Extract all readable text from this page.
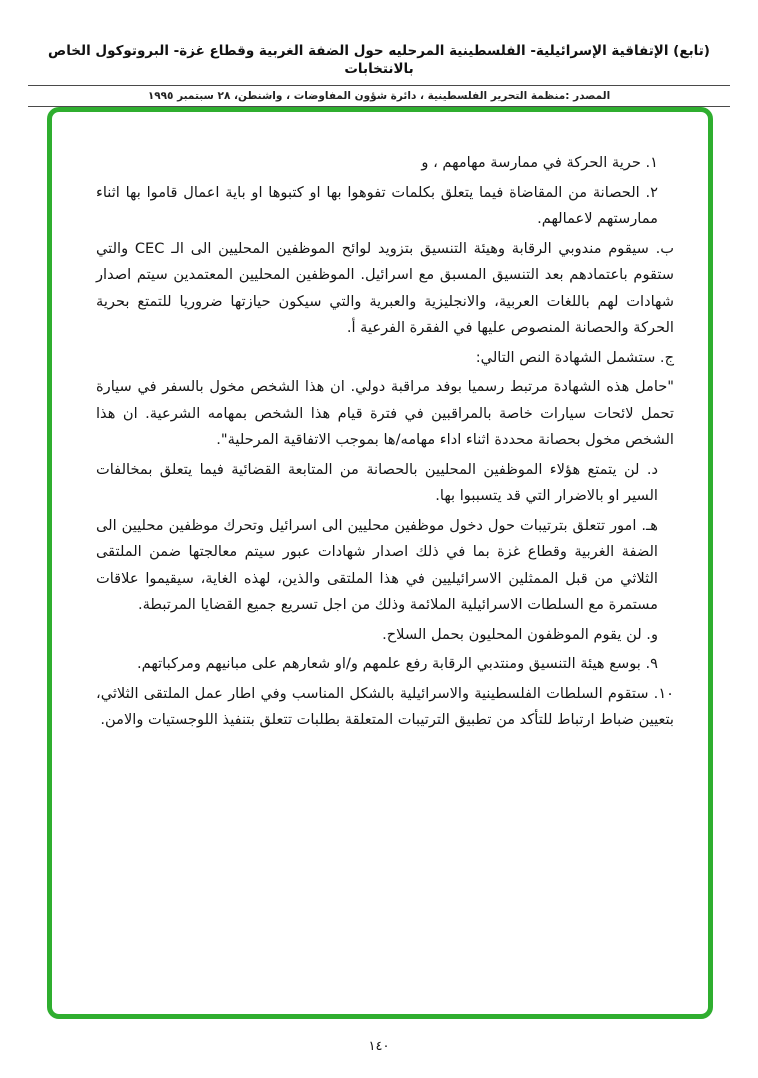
(تابع) الإتفاقية الإسرائيلية- الفلسطينية المرحليه حول الضفة الغربية وقطاع غزة- البروتوكول الخاص بالانتخابات
المصدر :منظمة التحرير الفلسطينية ، دائرة شؤون المفاوضات ، واشنطن، ٢٨ سبتمبر ١٩٩٥

١. حرية الحركة في ممارسة مهامهم ، و

٢. الحصانة من المقاضاة فيما يتعلق بكلمات تفوهوا بها او كتبوها او باية اعمال قاموا بها اثناء ممارستهم لاعمالهم.

ب. سيقوم مندوبي الرقابة وهيئة التنسيق بتزويد لوائح الموظفين المحليين الى الـ CEC والتي ستقوم باعتمادهم بعد التنسيق المسبق مع اسرائيل. الموظفين المحليين المعتمدين سيتم اصدار شهادات لهم باللغات العربية، والانجليزية والعبرية والتي سيكون حيازتها ضروريا للتمتع بحرية الحركة والحصانة المنصوص عليها في الفقرة الفرعية أ.

ج. ستشمل الشهادة النص التالي:

"حامل هذه الشهادة مرتبط رسميا بوفد مراقبة دولي. ان هذا الشخص مخول بالسفر في سيارة تحمل لائحات سيارات خاصة بالمراقبين في فترة قيام هذا الشخص بمهامه الشرعية. ان هذا الشخص مخول بحصانة محددة اثناء اداء مهامه/ها بموجب الاتفاقية المرحلية".

د. لن يتمتع هؤلاء الموظفين المحليين بالحصانة من المتابعة القضائية فيما يتعلق بمخالفات السير او بالاضرار التي قد يتسببوا بها.

هـ. امور تتعلق بترتيبات حول دخول موظفين محليين الى اسرائيل وتحرك موظفين محليين الى الضفة الغربية وقطاع غزة بما في ذلك اصدار شهادات عبور سيتم معالجتها ضمن الملتقى الثلاثي من قبل الممثلين الاسرائيليين في هذا الملتقى والذين، لهذه الغاية، سيقيموا علاقات مستمرة مع السلطات الاسرائيلية الملائمة وذلك من اجل تسريع جميع القضايا المرتبطة.

و. لن يقوم الموظفون المحليون بحمل السلاح.

٩. بوسع هيئة التنسيق ومنتدبي الرقابة رفع علمهم و/او شعارهم على مبانيهم ومركباتهم.

١٠. ستقوم السلطات الفلسطينية والاسرائيلية بالشكل المناسب وفي اطار عمل الملتقى الثلاثي، بتعيين ضباط ارتباط للتأكد من تطبيق الترتيبات المتعلقة بطلبات تتعلق بتنفيذ اللوجستيات والامن.

١٤٠
